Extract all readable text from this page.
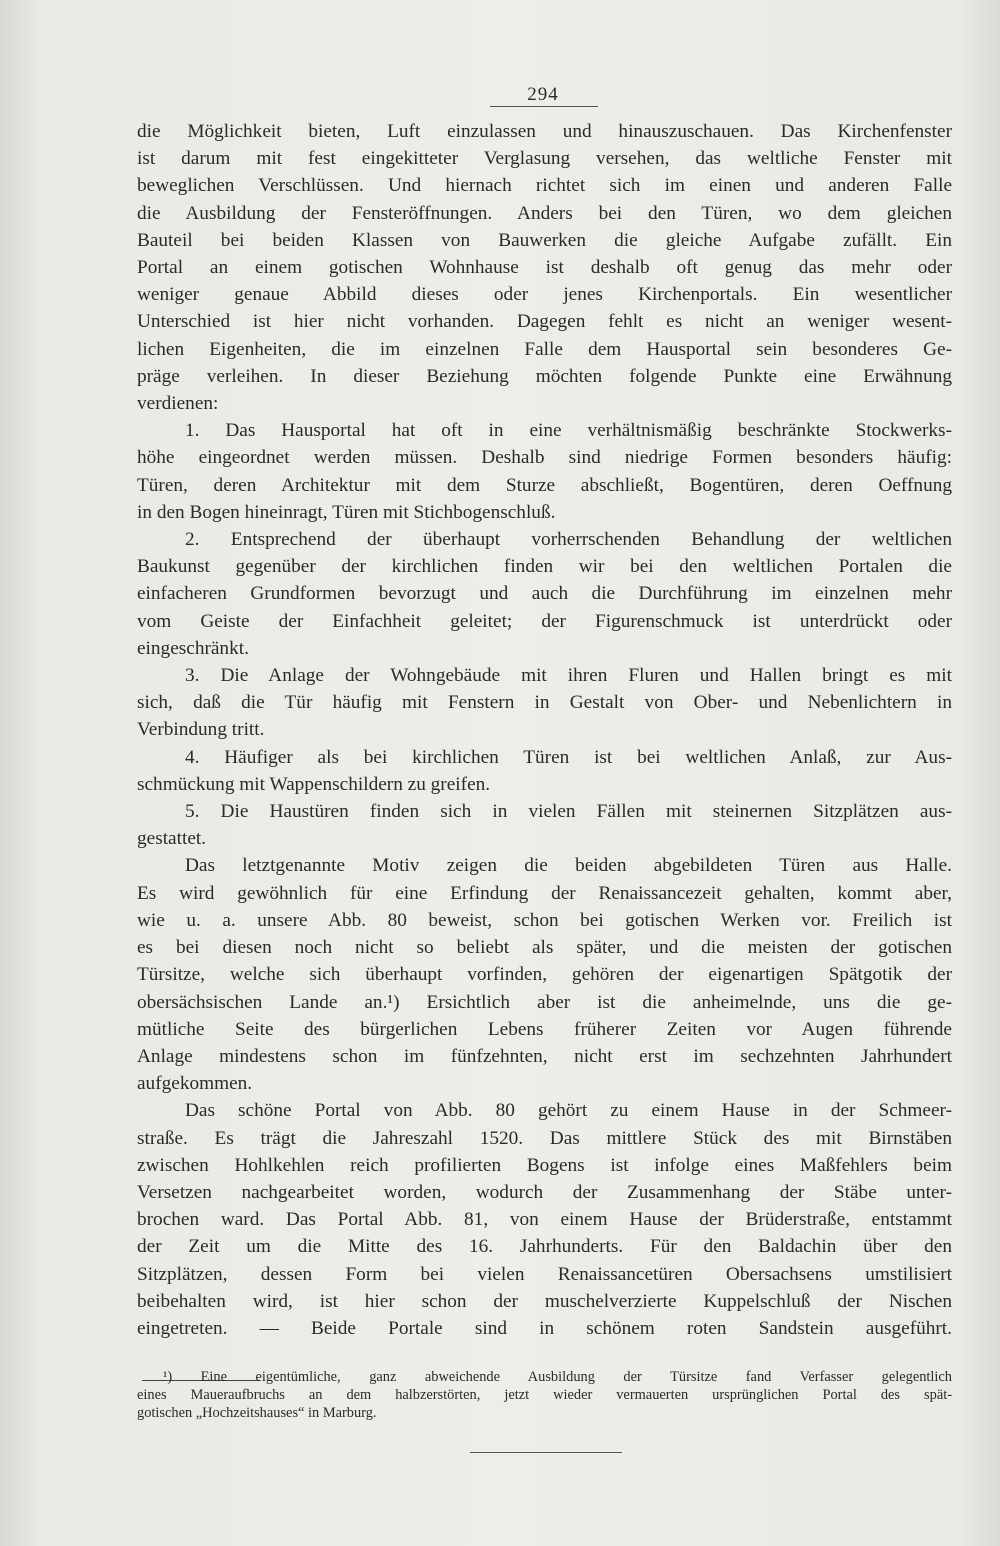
294
die Möglichkeit bieten, Luft einzulassen und hinauszuschauen. Das Kirchenfenster
ist darum mit fest eingekitteter Verglasung versehen, das weltliche Fenster mit
beweglichen Verschlüssen. Und hiernach richtet sich im einen und anderen Falle
die Ausbildung der Fensteröffnungen. Anders bei den Türen, wo dem gleichen
Bauteil bei beiden Klassen von Bauwerken die gleiche Aufgabe zufällt. Ein
Portal an einem gotischen Wohnhause ist deshalb oft genug das mehr oder
weniger genaue Abbild dieses oder jenes Kirchenportals. Ein wesentlicher
Unterschied ist hier nicht vorhanden. Dagegen fehlt es nicht an weniger wesent-
lichen Eigenheiten, die im einzelnen Falle dem Hausportal sein besonderes Ge-
präge verleihen. In dieser Beziehung möchten folgende Punkte eine Erwähnung
verdienen:
1. Das Hausportal hat oft in eine verhältnismäßig beschränkte Stockwerks-
höhe eingeordnet werden müssen. Deshalb sind niedrige Formen besonders häufig:
Türen, deren Architektur mit dem Sturze abschließt, Bogentüren, deren Oeffnung
in den Bogen hineinragt, Türen mit Stichbogenschluß.
2. Entsprechend der überhaupt vorherrschenden Behandlung der weltlichen
Baukunst gegenüber der kirchlichen finden wir bei den weltlichen Portalen die
einfacheren Grundformen bevorzugt und auch die Durchführung im einzelnen mehr
vom Geiste der Einfachheit geleitet; der Figurenschmuck ist unterdrückt oder
eingeschränkt.
3. Die Anlage der Wohngebäude mit ihren Fluren und Hallen bringt es mit
sich, daß die Tür häufig mit Fenstern in Gestalt von Ober- und Nebenlichtern in
Verbindung tritt.
4. Häufiger als bei kirchlichen Türen ist bei weltlichen Anlaß, zur Aus-
schmückung mit Wappenschildern zu greifen.
5. Die Haustüren finden sich in vielen Fällen mit steinernen Sitzplätzen aus-
gestattet.
Das letztgenannte Motiv zeigen die beiden abgebildeten Türen aus Halle.
Es wird gewöhnlich für eine Erfindung der Renaissancezeit gehalten, kommt aber,
wie u. a. unsere Abb. 80 beweist, schon bei gotischen Werken vor. Freilich ist
es bei diesen noch nicht so beliebt als später, und die meisten der gotischen
Türsitze, welche sich überhaupt vorfinden, gehören der eigenartigen Spätgotik der
obersächsischen Lande an.¹) Ersichtlich aber ist die anheimelnde, uns die ge-
mütliche Seite des bürgerlichen Lebens früherer Zeiten vor Augen führende
Anlage mindestens schon im fünfzehnten, nicht erst im sechzehnten Jahrhundert
aufgekommen.
Das schöne Portal von Abb. 80 gehört zu einem Hause in der Schmeer-
straße. Es trägt die Jahreszahl 1520. Das mittlere Stück des mit Birnstäben
zwischen Hohlkehlen reich profilierten Bogens ist infolge eines Maßfehlers beim
Versetzen nachgearbeitet worden, wodurch der Zusammenhang der Stäbe unter-
brochen ward. Das Portal Abb. 81, von einem Hause der Brüderstraße, entstammt
der Zeit um die Mitte des 16. Jahrhunderts. Für den Baldachin über den
Sitzplätzen, dessen Form bei vielen Renaissancetüren Obersachsens umstilisiert
beibehalten wird, ist hier schon der muschelverzierte Kuppelschluß der Nischen
eingetreten. — Beide Portale sind in schönem roten Sandstein ausgeführt.
¹) Eine eigentümliche, ganz abweichende Ausbildung der Türsitze fand Verfasser gelegentlich
eines Maueraufbruchs an dem halbzerstörten, jetzt wieder vermauerten ursprünglichen Portal des spät-
gotischen „Hochzeitshauses“ in Marburg.
